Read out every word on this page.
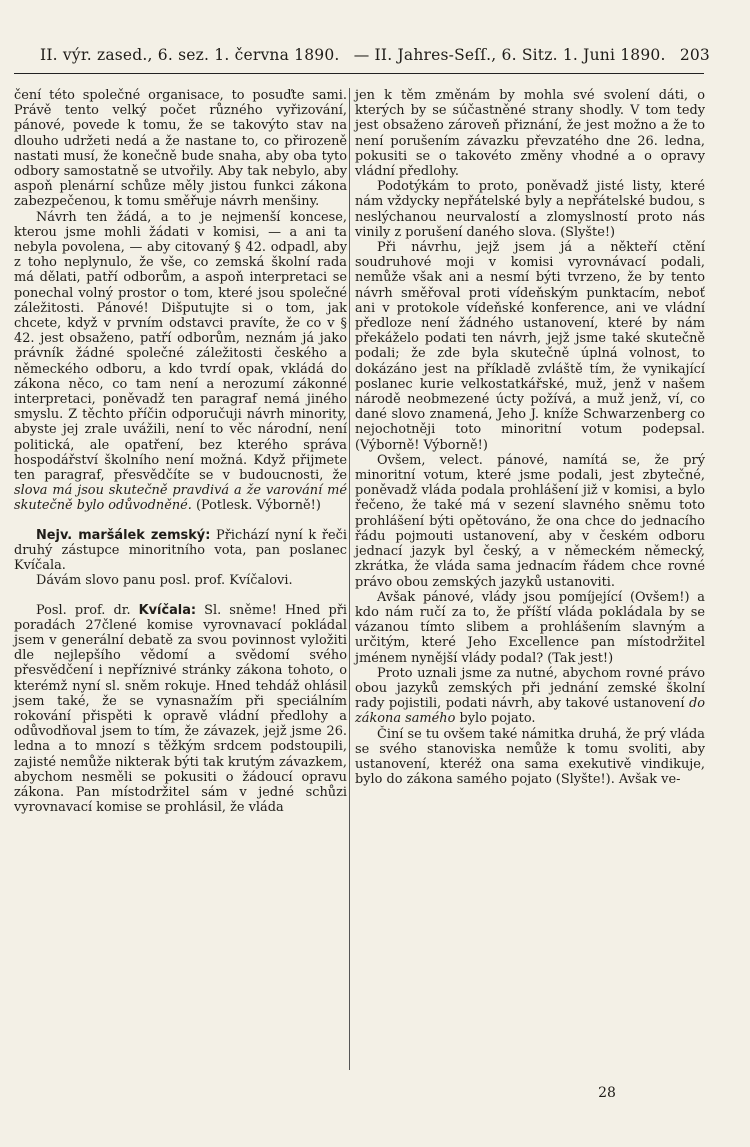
II. výr. zased., 6. sez. 1. června 1890. — II. Jahres-Seſſ., 6. Sitz. 1. Juni 1890. 203

čení této společné organisace, to posuďte sami. Právě tento velký počet různého vyřizování, pánové, povede k tomu, že se takovýto stav na dlouho udržeti nedá a že nastane to, co přirozeně nastati musí, že konečně bude snaha, aby oba tyto odbory samostatně se utvořily. Aby tak nebylo, aby aspoň plenární schůze měly jistou funkci zákona zabezpečenou, k tomu směřuje návrh menšiny.

Návrh ten žádá, a to je nejmenší koncese, kterou jsme mohli žádati v komisi, — a ani ta nebyla povolena, — aby citovaný § 42. odpadl, aby z toho neplynulo, že vše, co zemská školní rada má dělati, patří odborům, a aspoň interpretaci se ponechal volný prostor o tom, které jsou společné záležitosti. Pánové! Dišputujte si o tom, jak chcete, když v prvním odstavci pravíte, že co v § 42. jest obsaženo, patří odborům, neznám já jako právník žádné společné záležitosti českého a německého odboru, a kdo tvrdí opak, vkládá do zákona něco, co tam není a nerozumí zákonné interpretaci, poněvadž ten paragraf nemá jiného smyslu. Z těchto příčin odporučuji návrh minority, abyste jej zrale uvážili, není to věc národní, není politická, ale opatření, bez kterého správa hospodářství školního není možná. Když přijmete ten paragraf, přesvědčíte se v budoucnosti, že slova má jsou skutečně pravdivá a že varování mé skutečně bylo odůvodněné. (Potlesk. Výborně!)

Nejv. maršálek zemský: Přichází nyní k řeči druhý zástupce minoritního vota, pan poslanec Kvíčala.

Dávám slovo panu posl. prof. Kvíčalovi.

Posl. prof. dr. Kvíčala: Sl. sněme! Hned při poradách 27člené komise vyrovnavací pokládal jsem v generální debatě za svou povinnost vyložiti dle nejlepšího vědomí a svědomí svého přesvědčení i nepříznivé stránky zákona tohoto, o kterémž nyní sl. sněm rokuje. Hned tehdáž ohlásil jsem také, že se vynasnažím při speciálním rokování přispěti k opravě vládní předlohy a odůvodňoval jsem to tím, že závazek, jejž jsme 26. ledna a to mnozí s těžkým srdcem podstoupili, zajisté nemůže nikterak býti tak krutým závazkem, abychom nesměli se pokusiti o žádoucí opravu zákona. Pan místodržitel sám v jedné schůzi vyrovnavací komise se prohlásil, že vláda

jen k těm změnám by mohla své svolení dáti, o kterých by se súčastněné strany shodly. V tom tedy jest obsaženo zároveň přiznání, že jest možno a že to není porušením závazku převzatého dne 26. ledna, pokusiti se o takovéto změny vhodné a o opravy vládní předlohy.

Podotýkám to proto, poněvadž jisté listy, které nám vždycky nepřátelské byly a nepřátelské budou, s neslýchanou neurvalostí a zlomyslností proto nás vinily z porušení daného slova. (Slyšte!)

Při návrhu, jejž jsem já a někteří ctění soudruhové moji v komisi vyrovnávací podali, nemůže však ani a nesmí býti tvrzeno, že by tento návrh směřoval proti vídeňským punktacím, neboť ani v protokole vídeňské konference, ani ve vládní předloze není žádného ustanovení, které by nám překáželo podati ten návrh, jejž jsme také skutečně podali; že zde byla skutečně úplná volnost, to dokázáno jest na příkladě zvláště tím, že vynikající poslanec kurie velkostatkářské, muž, jenž v našem národě neobmezené úcty požívá, a muž jenž, ví, co dané slovo znamená, Jeho J. kníže Schwarzenberg co nejochotněji toto minoritní votum podepsal. (Výborně! Výborně!)

Ovšem, velect. pánové, namítá se, že prý minoritní votum, které jsme podali, jest zbytečné, poněvadž vláda podala prohlášení již v komisi, a bylo řečeno, že také má v sezení slavného sněmu toto prohlášení býti opětováno, že ona chce do jednacího řádu pojmouti ustanovení, aby v českém odboru jednací jazyk byl český, a v německém německý, zkrátka, že vláda sama jednacím řádem chce rovné právo obou zemských jazyků ustanoviti.

Avšak pánové, vlády jsou pomíjející (Ovšem!) a kdo nám ručí za to, že příští vláda pokládala by se vázanou tímto slibem a prohlášením slavným a určitým, které Jeho Excellence pan místodržitel jménem nynější vlády podal? (Tak jest!)

Proto uznali jsme za nutné, abychom rovné právo obou jazyků zemských při jednání zemské školní rady pojistili, podati návrh, aby takové ustanovení do zákona samého bylo pojato.

Činí se tu ovšem také námitka druhá, že prý vláda se svého stanoviska nemůže k tomu svoliti, aby ustanovení, kteréž ona sama exekutivě vindikuje, bylo do zákona samého pojato (Slyšte!). Avšak ve-

28
